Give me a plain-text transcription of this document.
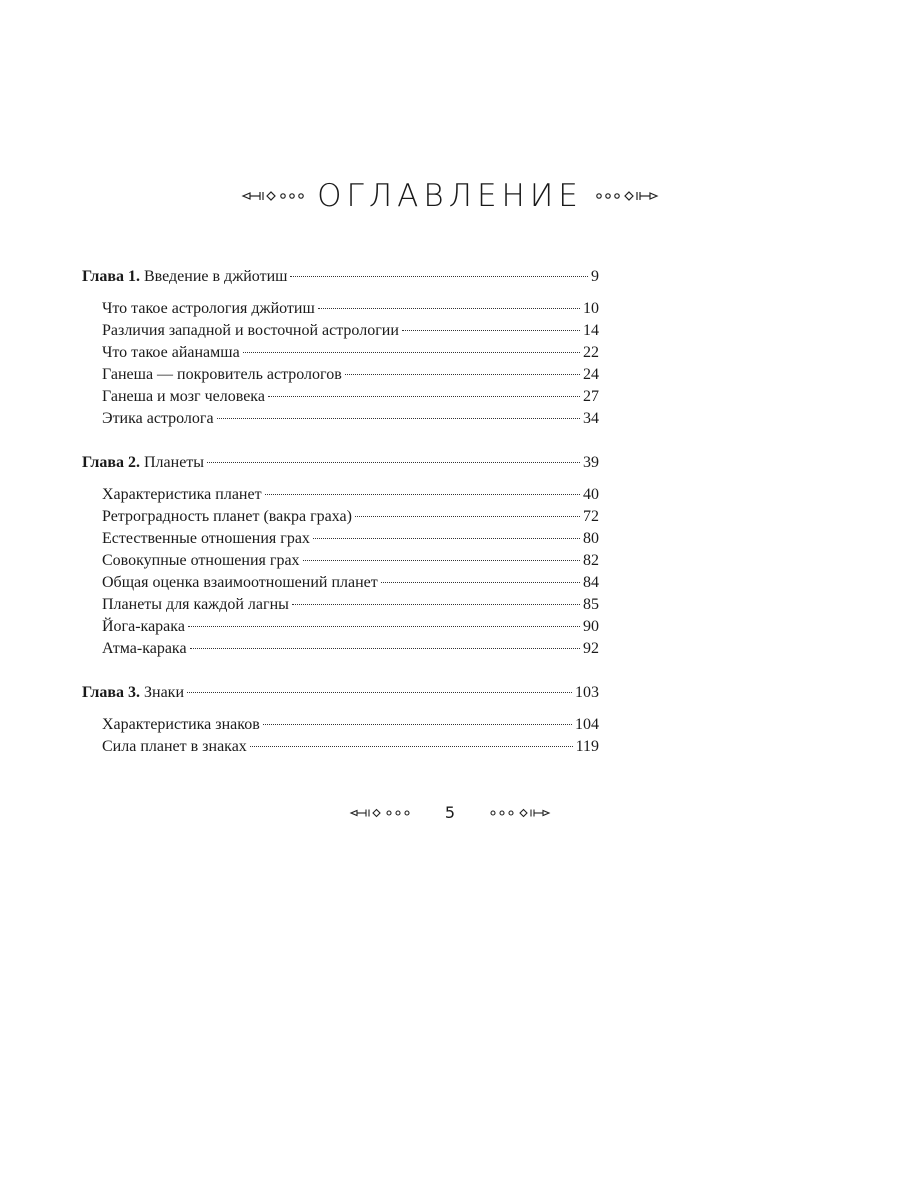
ОГЛАВЛЕНИЕ
Глава 1. Введение в джйотиш	9
Что такое астрология джйотиш	10
Различия западной и восточной астрологии	14
Что такое айанамша	22
Ганеша — покровитель астрологов	24
Ганеша и мозг человека	27
Этика астролога	34
Глава 2. Планеты	39
Характеристика планет	40
Ретроградность планет (вакра граха)	72
Естественные отношения грах	80
Совокупные отношения грах	82
Общая оценка взаимоотношений планет	84
Планеты для каждой лагны	85
Йога-карака	90
Атма-карака	92
Глава 3. Знаки	103
Характеристика знаков	104
Сила планет в знаках	119
5
